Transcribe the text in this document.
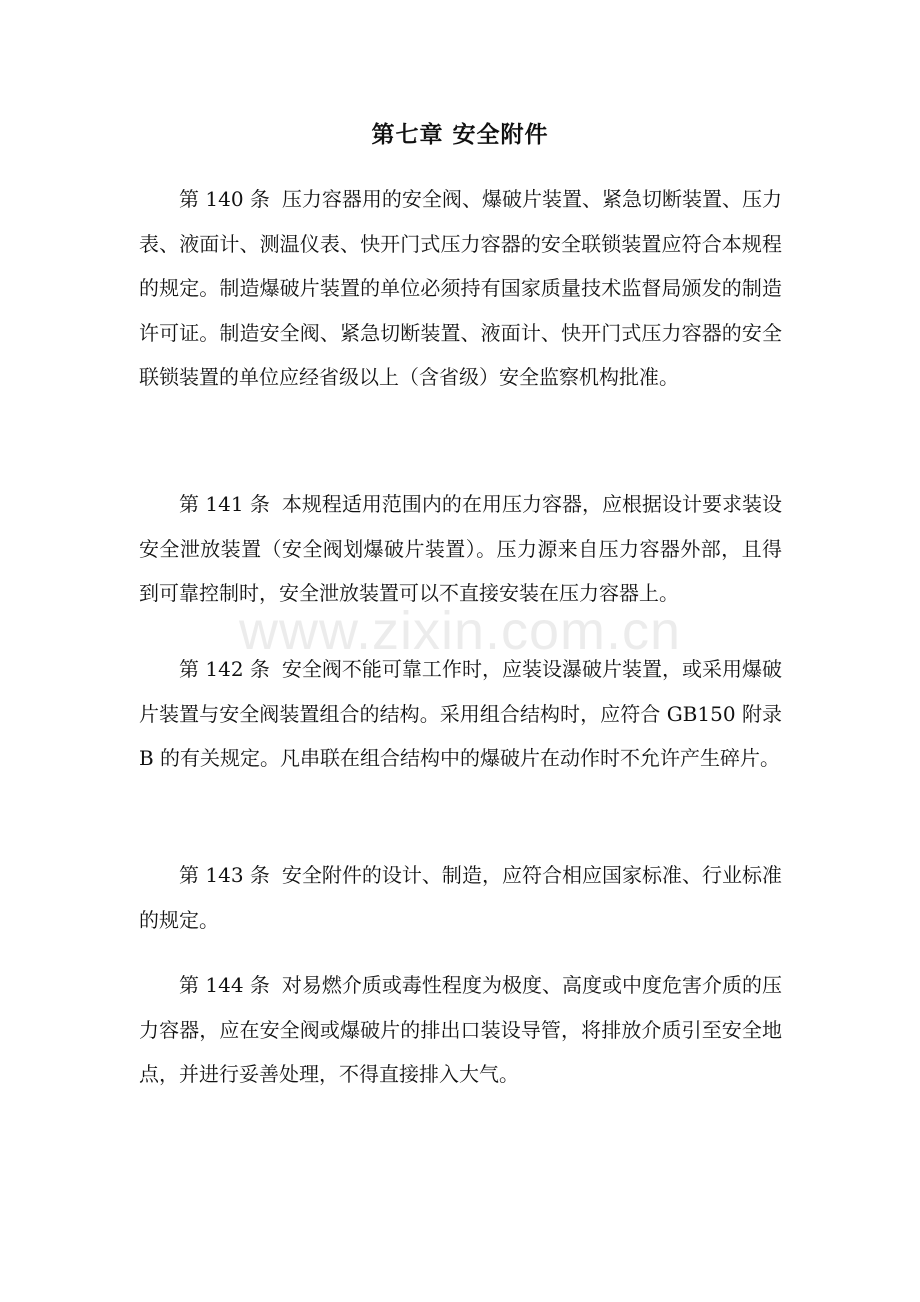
第七章 安全附件

第 140 条 压力容器用的安全阀、爆破片装置、紧急切断装置、压力表、液面计、测温仪表、快开门式压力容器的安全联锁装置应符合本规程的规定。制造爆破片装置的单位必须持有国家质量技术监督局颁发的制造许可证。制造安全阀、紧急切断装置、液面计、快开门式压力容器的安全联锁装置的单位应经省级以上（含省级）安全监察机构批准。

第 141 条 本规程适用范围内的在用压力容器，应根据设计要求装设安全泄放装置（安全阀划爆破片装置）。压力源来自压力容器外部，且得到可靠控制时，安全泄放装置可以不直接安装在压力容器上。

第 142 条 安全阀不能可靠工作时，应装设瀑破片装置，或采用爆破片装置与安全阀装置组合的结构。采用组合结构时，应符合 GB150 附录 B 的有关规定。凡串联在组合结构中的爆破片在动作时不允许产生碎片。

第 143 条 安全附件的设计、制造，应符合相应国家标准、行业标准的规定。

第 144 条 对易燃介质或毒性程度为极度、高度或中度危害介质的压力容器，应在安全阀或爆破片的排出口装设导管，将排放介质引至安全地点，并进行妥善处理，不得直接排入大气。

www.zixin.com.cn
